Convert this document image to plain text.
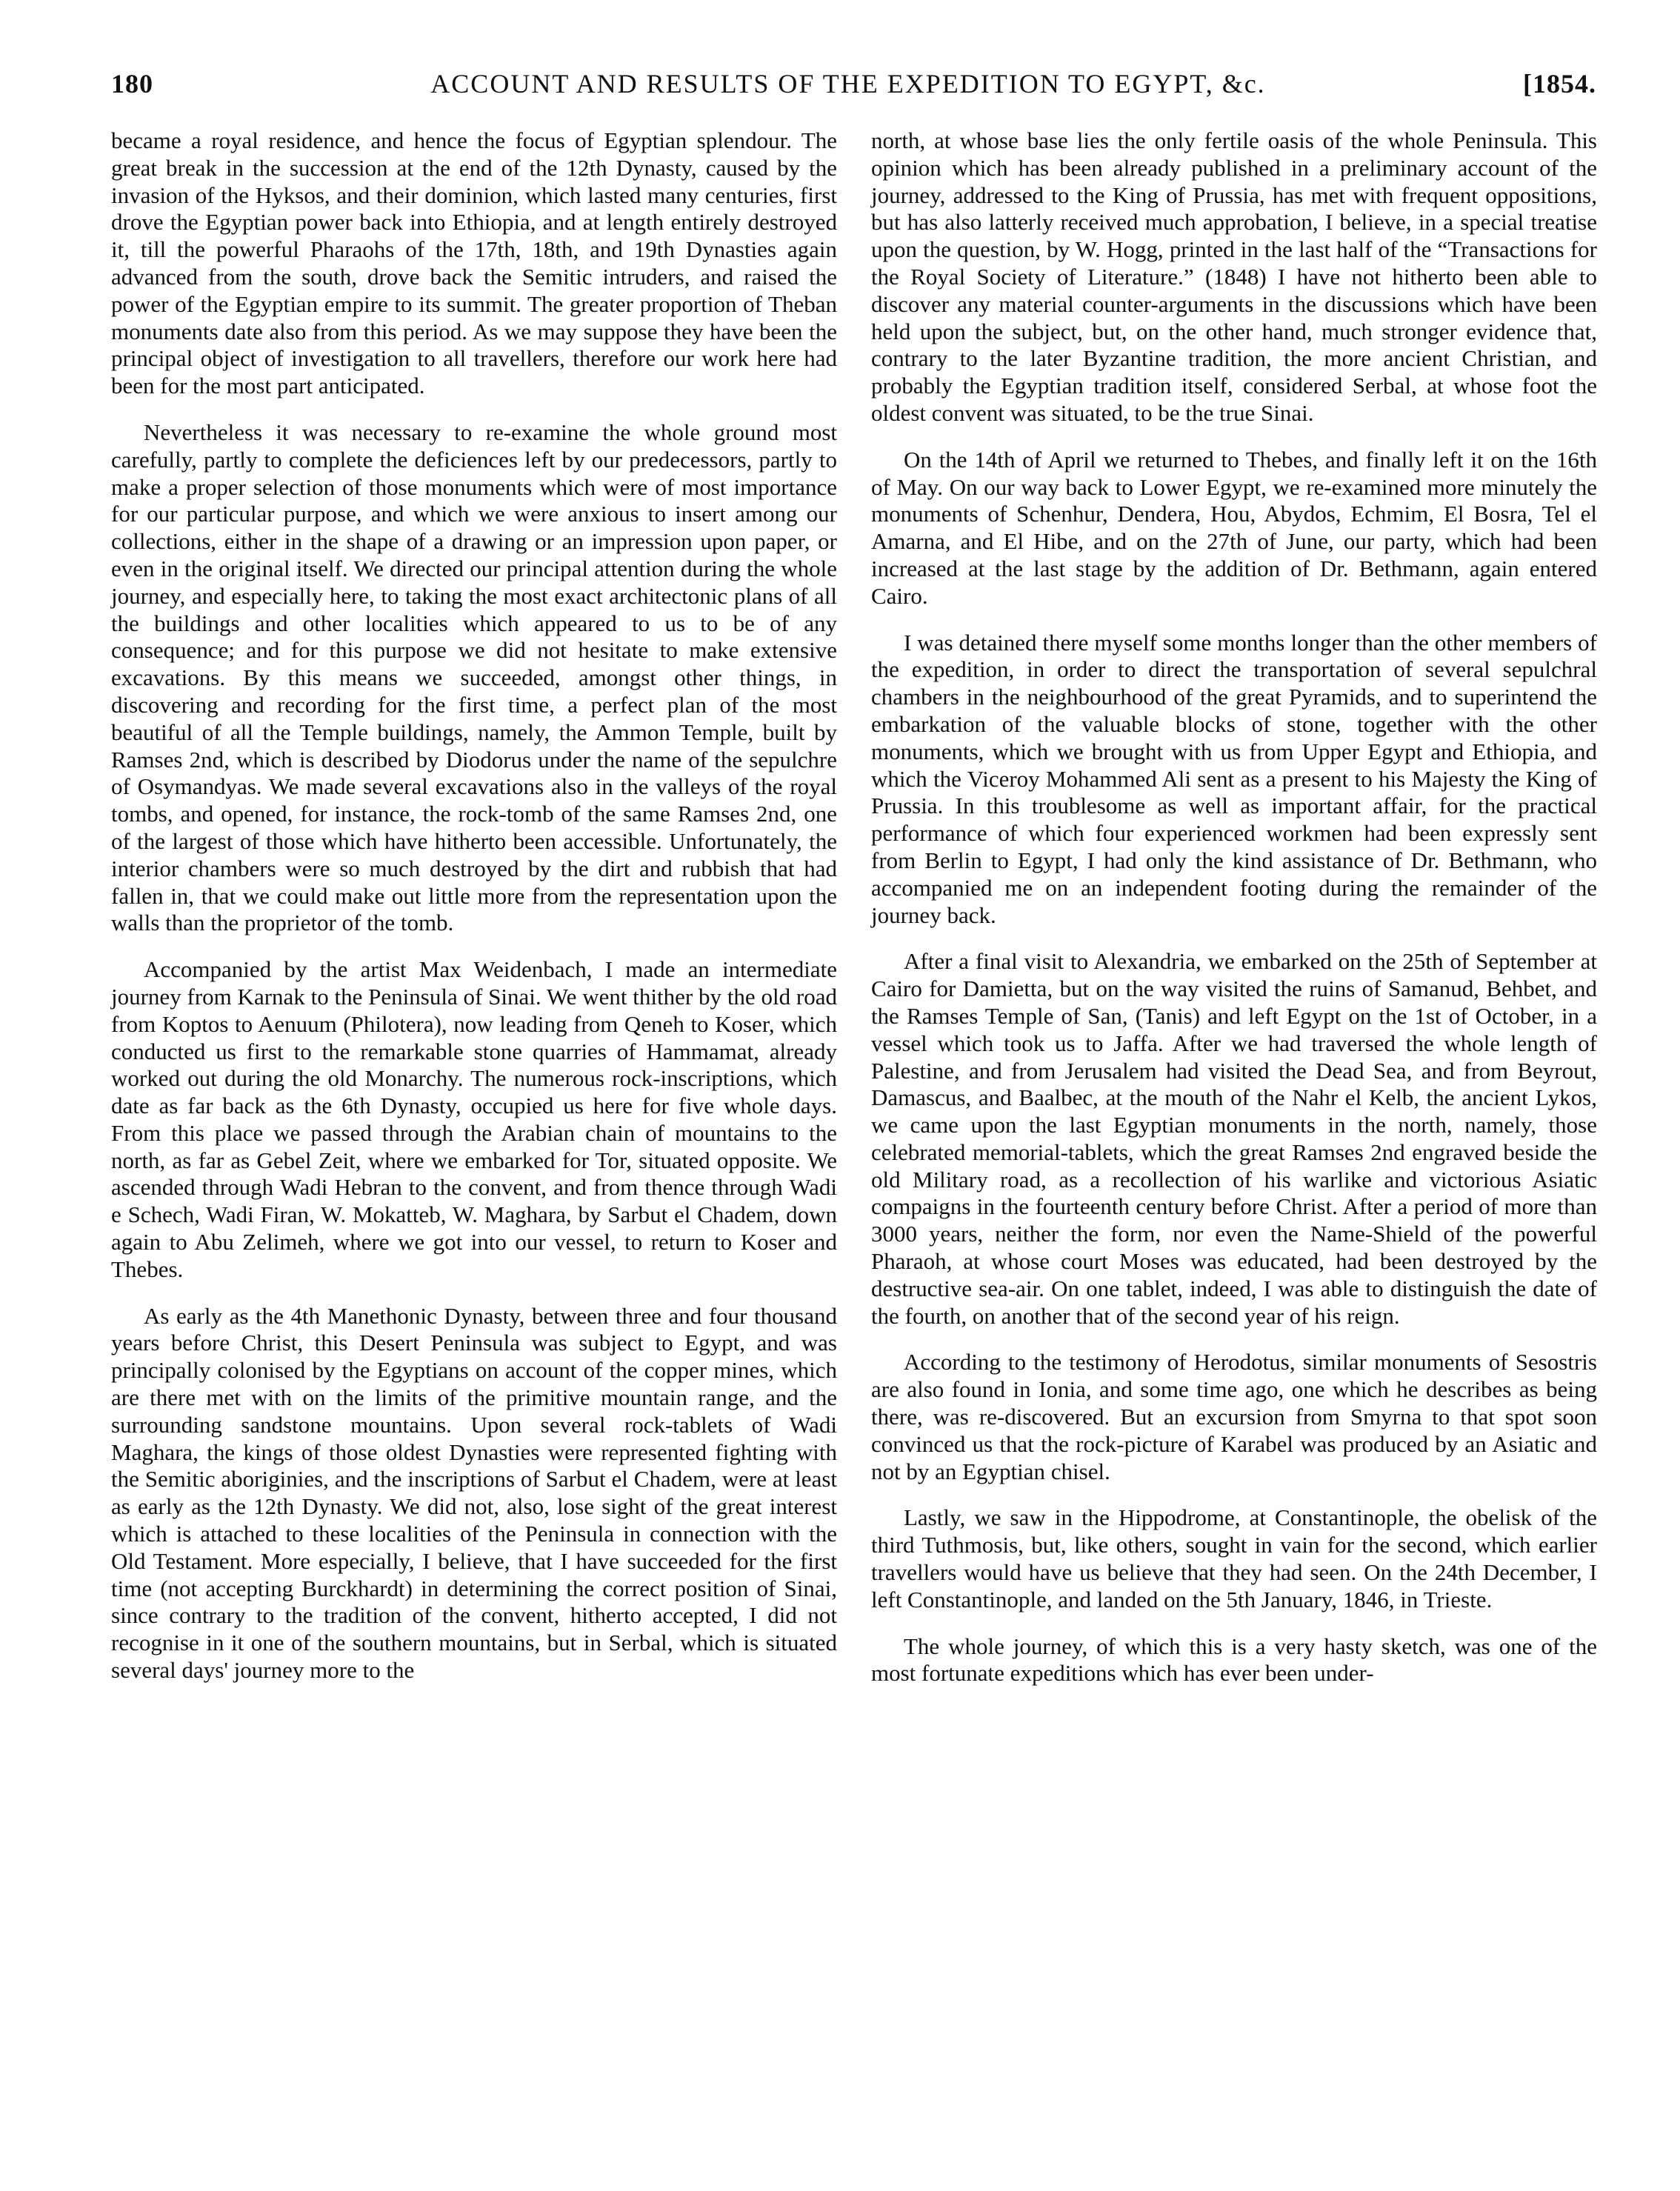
180	ACCOUNT AND RESULTS OF THE EXPEDITION TO EGYPT, &c.	[1854.

became a royal residence, and hence the focus of Egyptian splendour. The great break in the succession at the end of the 12th Dynasty, caused by the invasion of the Hyksos, and their dominion, which lasted many centuries, first drove the Egyptian power back into Ethiopia, and at length entirely destroyed it, till the powerful Pharaohs of the 17th, 18th, and 19th Dynasties again advanced from the south, drove back the Semitic intruders, and raised the power of the Egyptian empire to its summit. The greater proportion of Theban monuments date also from this period. As we may suppose they have been the principal object of investigation to all travellers, therefore our work here had been for the most part anticipated.

Nevertheless it was necessary to re-examine the whole ground most carefully, partly to complete the deficiences left by our predecessors, partly to make a proper selection of those monuments which were of most importance for our particular purpose, and which we were anxious to insert among our collections, either in the shape of a drawing or an impression upon paper, or even in the original itself. We directed our principal attention during the whole journey, and especially here, to taking the most exact architectonic plans of all the buildings and other localities which appeared to us to be of any consequence; and for this purpose we did not hesitate to make extensive excavations. By this means we succeeded, amongst other things, in discovering and recording for the first time, a perfect plan of the most beautiful of all the Temple buildings, namely, the Ammon Temple, built by Ramses 2nd, which is described by Diodorus under the name of the sepulchre of Osymandyas. We made several excavations also in the valleys of the royal tombs, and opened, for instance, the rock-tomb of the same Ramses 2nd, one of the largest of those which have hitherto been accessible. Unfortunately, the interior chambers were so much destroyed by the dirt and rubbish that had fallen in, that we could make out little more from the representation upon the walls than the proprietor of the tomb.

Accompanied by the artist Max Weidenbach, I made an intermediate journey from Karnak to the Peninsula of Sinai. We went thither by the old road from Koptos to Aenuum (Philotera), now leading from Qeneh to Koser, which conducted us first to the remarkable stone quarries of Hammamat, already worked out during the old Monarchy. The numerous rock-inscriptions, which date as far back as the 6th Dynasty, occupied us here for five whole days. From this place we passed through the Arabian chain of mountains to the north, as far as Gebel Zeit, where we embarked for Tor, situated opposite. We ascended through Wadi Hebran to the convent, and from thence through Wadi e Schech, Wadi Firan, W. Mokatteb, W. Maghara, by Sarbut el Chadem, down again to Abu Zelimeh, where we got into our vessel, to return to Koser and Thebes.

As early as the 4th Manethonic Dynasty, between three and four thousand years before Christ, this Desert Peninsula was subject to Egypt, and was principally colonised by the Egyptians on account of the copper mines, which are there met with on the limits of the primitive mountain range, and the surrounding sandstone mountains. Upon several rock-tablets of Wadi Maghara, the kings of those oldest Dynasties were represented fighting with the Semitic aboriginies, and the inscriptions of Sarbut el Chadem, were at least as early as the 12th Dynasty. We did not, also, lose sight of the great interest which is attached to these localities of the Peninsula in connection with the Old Testament. More especially, I believe, that I have succeeded for the first time (not accepting Burckhardt) in determining the correct position of Sinai, since contrary to the tradition of the convent, hitherto accepted, I did not recognise in it one of the southern mountains, but in Serbal, which is situated several days' journey more to the

north, at whose base lies the only fertile oasis of the whole Peninsula. This opinion which has been already published in a preliminary account of the journey, addressed to the King of Prussia, has met with frequent oppositions, but has also latterly received much approbation, I believe, in a special treatise upon the question, by W. Hogg, printed in the last half of the “Transactions for the Royal Society of Literature.” (1848) I have not hitherto been able to discover any material counter-arguments in the discussions which have been held upon the subject, but, on the other hand, much stronger evidence that, contrary to the later Byzantine tradition, the more ancient Christian, and probably the Egyptian tradition itself, considered Serbal, at whose foot the oldest convent was situated, to be the true Sinai.

On the 14th of April we returned to Thebes, and finally left it on the 16th of May. On our way back to Lower Egypt, we re-examined more minutely the monuments of Schenhur, Dendera, Hou, Abydos, Echmim, El Bosra, Tel el Amarna, and El Hibe, and on the 27th of June, our party, which had been increased at the last stage by the addition of Dr. Bethmann, again entered Cairo.

I was detained there myself some months longer than the other members of the expedition, in order to direct the transportation of several sepulchral chambers in the neighbourhood of the great Pyramids, and to superintend the embarkation of the valuable blocks of stone, together with the other monuments, which we brought with us from Upper Egypt and Ethiopia, and which the Viceroy Mohammed Ali sent as a present to his Majesty the King of Prussia. In this troublesome as well as important affair, for the practical performance of which four experienced workmen had been expressly sent from Berlin to Egypt, I had only the kind assistance of Dr. Bethmann, who accompanied me on an independent footing during the remainder of the journey back.

After a final visit to Alexandria, we embarked on the 25th of September at Cairo for Damietta, but on the way visited the ruins of Samanud, Behbet, and the Ramses Temple of San, (Tanis) and left Egypt on the 1st of October, in a vessel which took us to Jaffa. After we had traversed the whole length of Palestine, and from Jerusalem had visited the Dead Sea, and from Beyrout, Damascus, and Baalbec, at the mouth of the Nahr el Kelb, the ancient Lykos, we came upon the last Egyptian monuments in the north, namely, those celebrated memorial-tablets, which the great Ramses 2nd engraved beside the old Military road, as a recollection of his warlike and victorious Asiatic compaigns in the fourteenth century before Christ. After a period of more than 3000 years, neither the form, nor even the Name-Shield of the powerful Pharaoh, at whose court Moses was educated, had been destroyed by the destructive sea-air. On one tablet, indeed, I was able to distinguish the date of the fourth, on another that of the second year of his reign.

According to the testimony of Herodotus, similar monuments of Sesostris are also found in Ionia, and some time ago, one which he describes as being there, was re-discovered. But an excursion from Smyrna to that spot soon convinced us that the rock-picture of Karabel was produced by an Asiatic and not by an Egyptian chisel.

Lastly, we saw in the Hippodrome, at Constantinople, the obelisk of the third Tuthmosis, but, like others, sought in vain for the second, which earlier travellers would have us believe that they had seen. On the 24th December, I left Constantinople, and landed on the 5th January, 1846, in Trieste.

The whole journey, of which this is a very hasty sketch, was one of the most fortunate expeditions which has ever been under-
